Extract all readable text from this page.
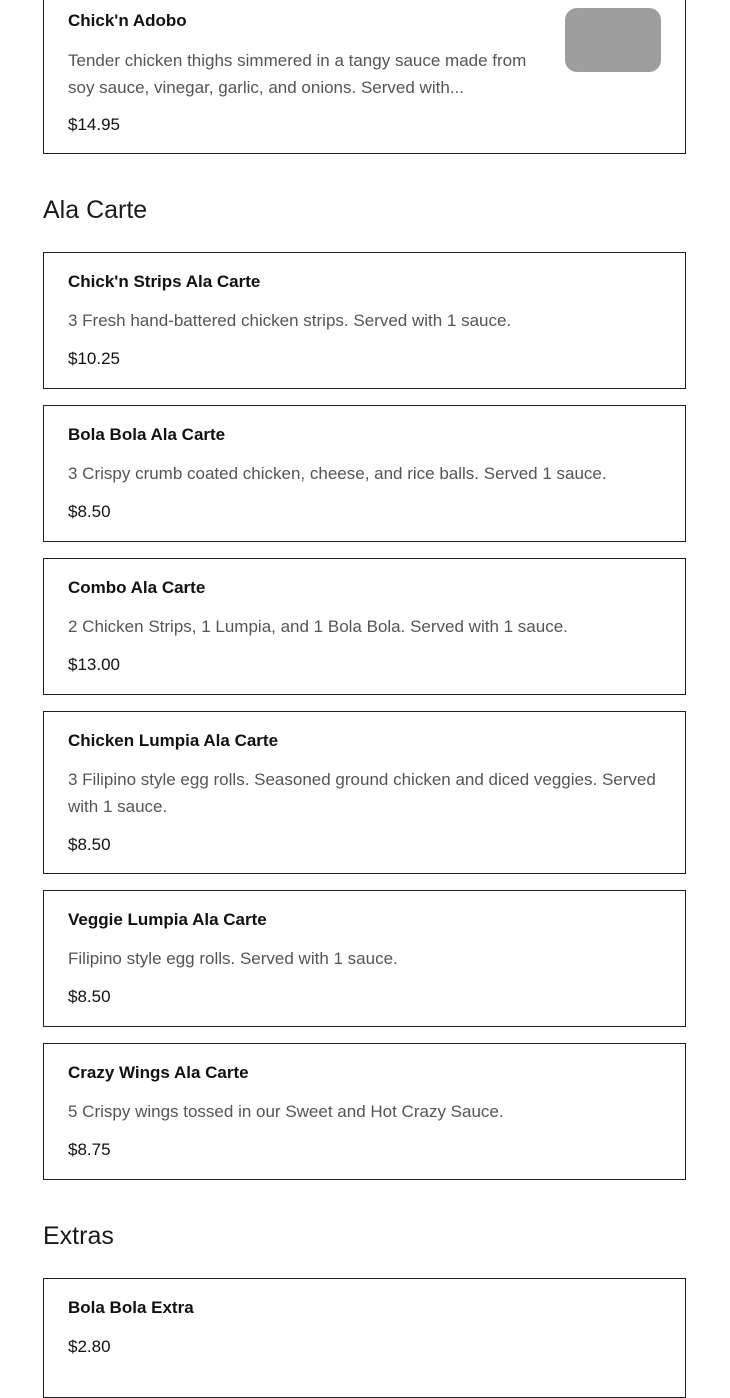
Chick'n Adobo
Tender chicken thighs simmered in a tangy sauce made from soy sauce, vinegar, garlic, and onions. Served with...
$14.95
Ala Carte
Chick'n Strips Ala Carte
3 Fresh hand-battered chicken strips. Served with 1 sauce.
$10.25
Bola Bola Ala Carte
3 Crispy crumb coated chicken, cheese, and rice balls. Served 1 sauce.
$8.50
Combo Ala Carte
2 Chicken Strips, 1 Lumpia, and 1 Bola Bola. Served with 1 sauce.
$13.00
Chicken Lumpia Ala Carte
3 Filipino style egg rolls. Seasoned ground chicken and diced veggies. Served with 1 sauce.
$8.50
Veggie Lumpia Ala Carte
Filipino style egg rolls. Served with 1 sauce.
$8.50
Crazy Wings Ala Carte
5 Crispy wings tossed in our Sweet and Hot Crazy Sauce.
$8.75
Extras
Bola Bola Extra
$2.80
